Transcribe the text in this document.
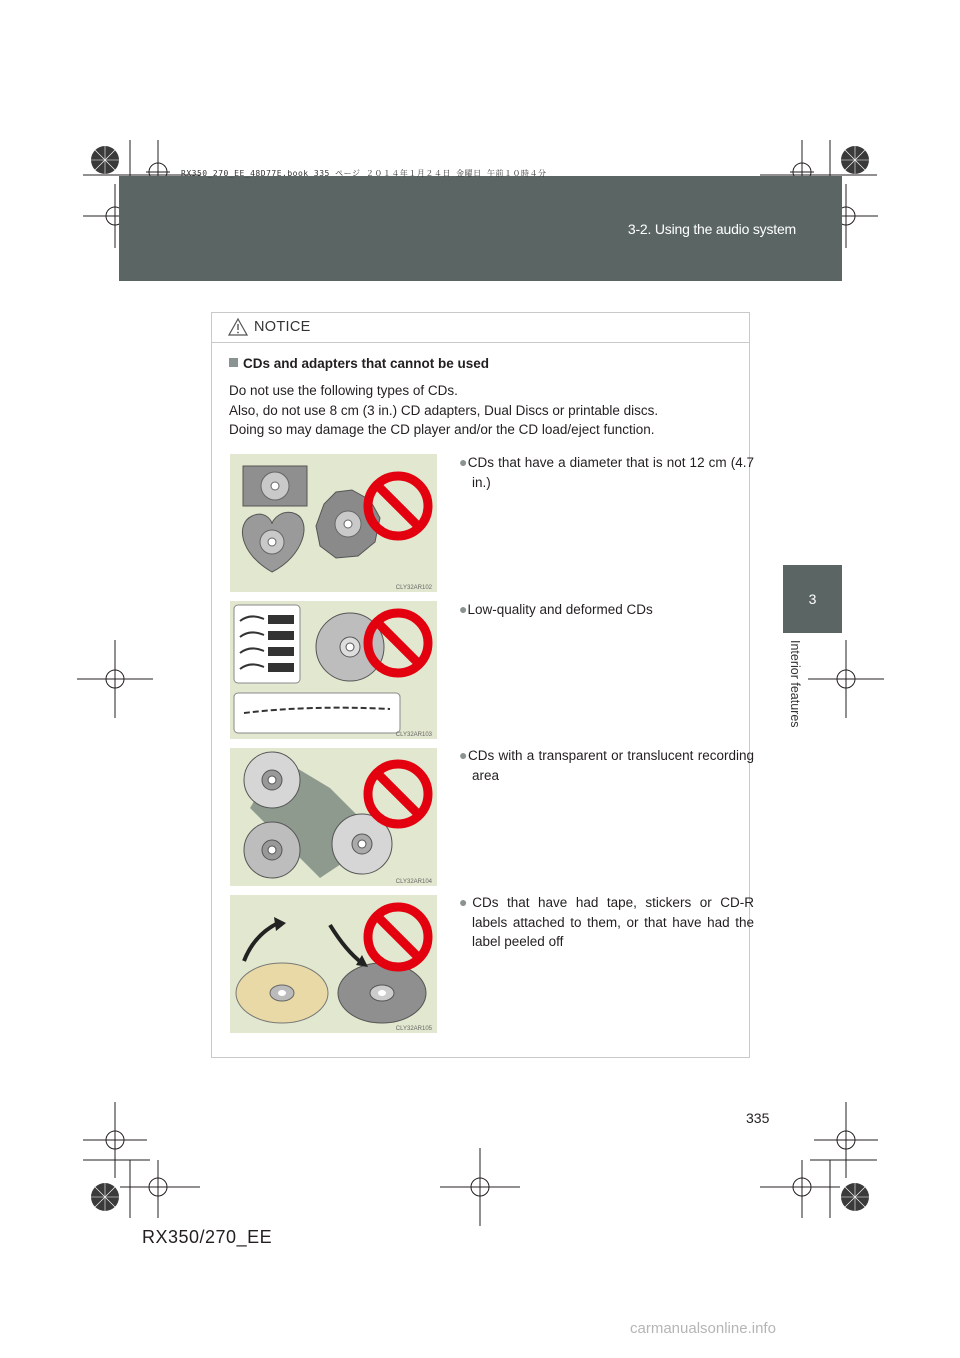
3-2. Using the audio system
RX350_270_EE_48D77E.book 335 ページ ２０１４年１月２４日 金曜日 午前１０時４分
3
Interior features
NOTICE
CDs and adapters that cannot be used

Do not use the following types of CDs.

Also, do not use 8 cm (3 in.) CD adapters, Dual Discs or printable discs.

Doing so may damage the CD player and/or the CD load/eject function.

CLY32AR102
●CDs that have a diameter that is not 12 cm (4.7 in.)
CLY32AR103
●Low-quality and deformed CDs
CLY32AR104
●CDs with a transparent or translucent recording area
CLY32AR105
●CDs that have had tape, stickers or CD-R labels attached to them, or that have had the label peeled off
335
RX350/270_EE
carmanualsonline.info
